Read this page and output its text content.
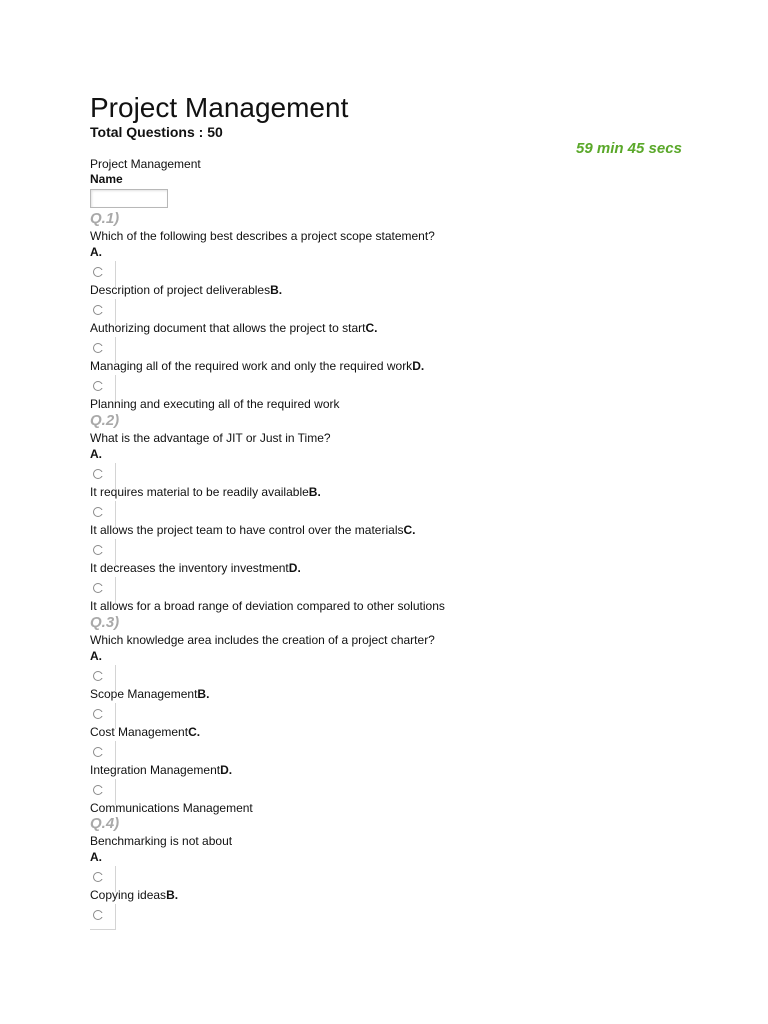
Project Management
Total Questions : 50
59 min 45 secs
Project Management
Name
Q.1)
Which of the following best describes a project scope statement?
A.
Description of project deliverablesB.
Authorizing document that allows the project to startC.
Managing all of the required work and only the required workD.
Planning and executing all of the required work
Q.2)
What is the advantage of JIT or Just in Time?
A.
It requires material to be readily availableB.
It allows the project team to have control over the materialsC.
It decreases the inventory investmentD.
It allows for a broad range of deviation compared to other solutions
Q.3)
Which knowledge area includes the creation of a project charter?
A.
Scope ManagementB.
Cost ManagementC.
Integration ManagementD.
Communications Management
Q.4)
Benchmarking is not about
A.
Copying ideasB.
